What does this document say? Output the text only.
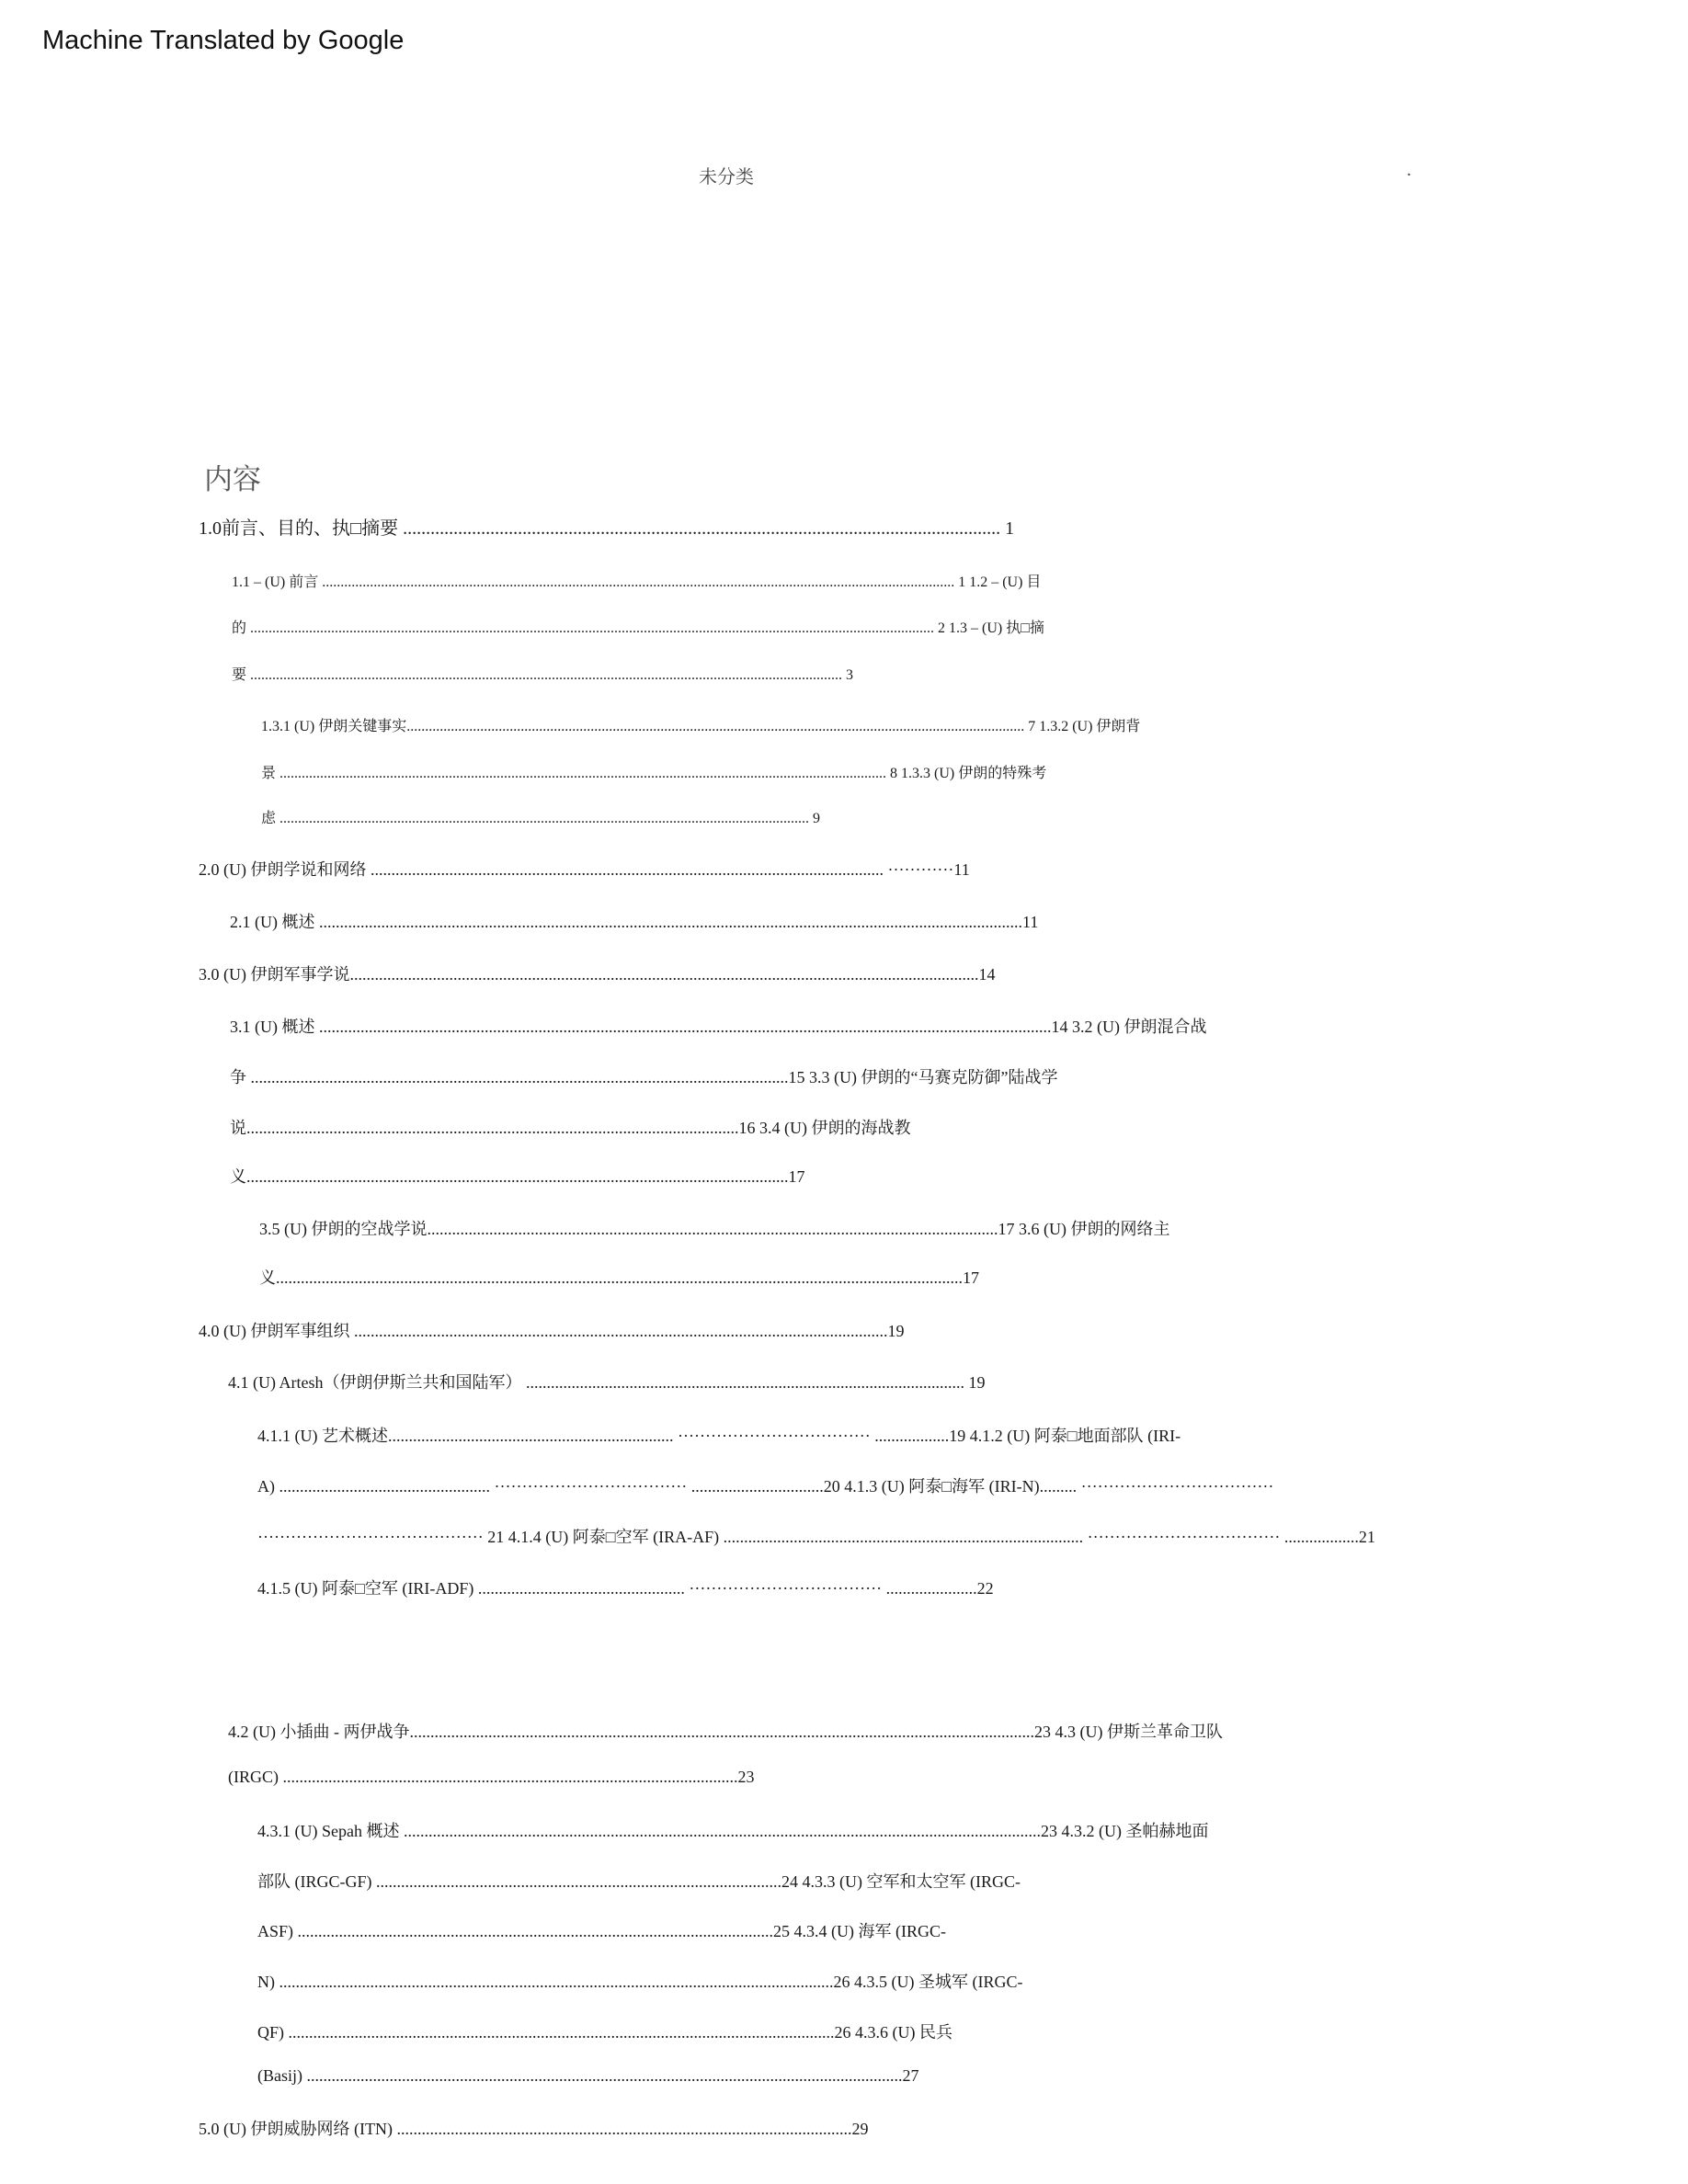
Machine Translated by Google
未分类	.
内容
1.0前言、目的、执□摘要 .................................................................................................................................. 1
1.1 – (U) 前言 ............................................................................................................................................................................ 1 1.2 – (U) 目
的 .......................................................................................................................................................................................... 2 1.3 – (U) 执□摘
要 ................................................................................................................................................................. 3
1.3.1 (U) 伊朗关键事实........................................................................................................................................................................ 7 1.3.2 (U) 伊朗背
景 ..................................................................................................................................................................... 8 1.3.3 (U) 伊朗的特殊考
虑 ................................................................................................................................................ 9
2.0 (U) 伊朗学说和网络 ............................................................................................................................ ············11
2.1 (U) 概述 ..........................................................................................................................................................................11
3.0 (U) 伊朗军事学说........................................................................................................................................................14
3.1 (U) 概述 .................................................................................................................................................................................14 3.2 (U) 伊朗混合战
争 ..................................................................................................................................15 3.3 (U) 伊朗的“马赛克防御”陆战学
说.......................................................................................................................16 3.4 (U) 伊朗的海战教
义...................................................................................................................................17
3.5 (U) 伊朗的空战学说..........................................................................................................................................17 3.6 (U) 伊朗的网络主
义......................................................................................................................................................................17
4.0 (U) 伊朗军事组织 .................................................................................................................................19
4.1 (U) Artesh（伊朗伊斯兰共和国陆军） .......................................................................................................... 19
4.1.1 (U) 艺术概述..................................................................... ··································· ..................19 4.1.2 (U) 阿泰□地面部队 (IRI-
A) ................................................... ··································· ................................20 4.1.3 (U) 阿泰□海军 (IRI-N)......... ···································
········································· 21 4.1.4 (U) 阿泰□空军 (IRA-AF) ....................................................................................... ··································· ..................21
4.1.5 (U) 阿泰□空军 (IRI-ADF) .................................................. ··································· ......................22
4.2 (U) 小插曲 - 两伊战争.......................................................................................................................................................23 4.3 (U) 伊斯兰革命卫队
(IRGC) ..............................................................................................................23
4.3.1 (U) Sepah 概述 ..........................................................................................................................................................23 4.3.2 (U) 圣帕赫地面
部队 (IRGC-GF) ..................................................................................................24 4.3.3 (U) 空军和太空军 (IRGC-
ASF) ...................................................................................................................25 4.3.4 (U) 海军 (IRGC-
N) ......................................................................................................................................26 4.3.5 (U) 圣城军 (IRGC-
QF) ....................................................................................................................................26 4.3.6 (U) 民兵
(Basij) ................................................................................................................................................27
5.0 (U) 伊朗威胁网络 (ITN) ..............................................................................................................29
